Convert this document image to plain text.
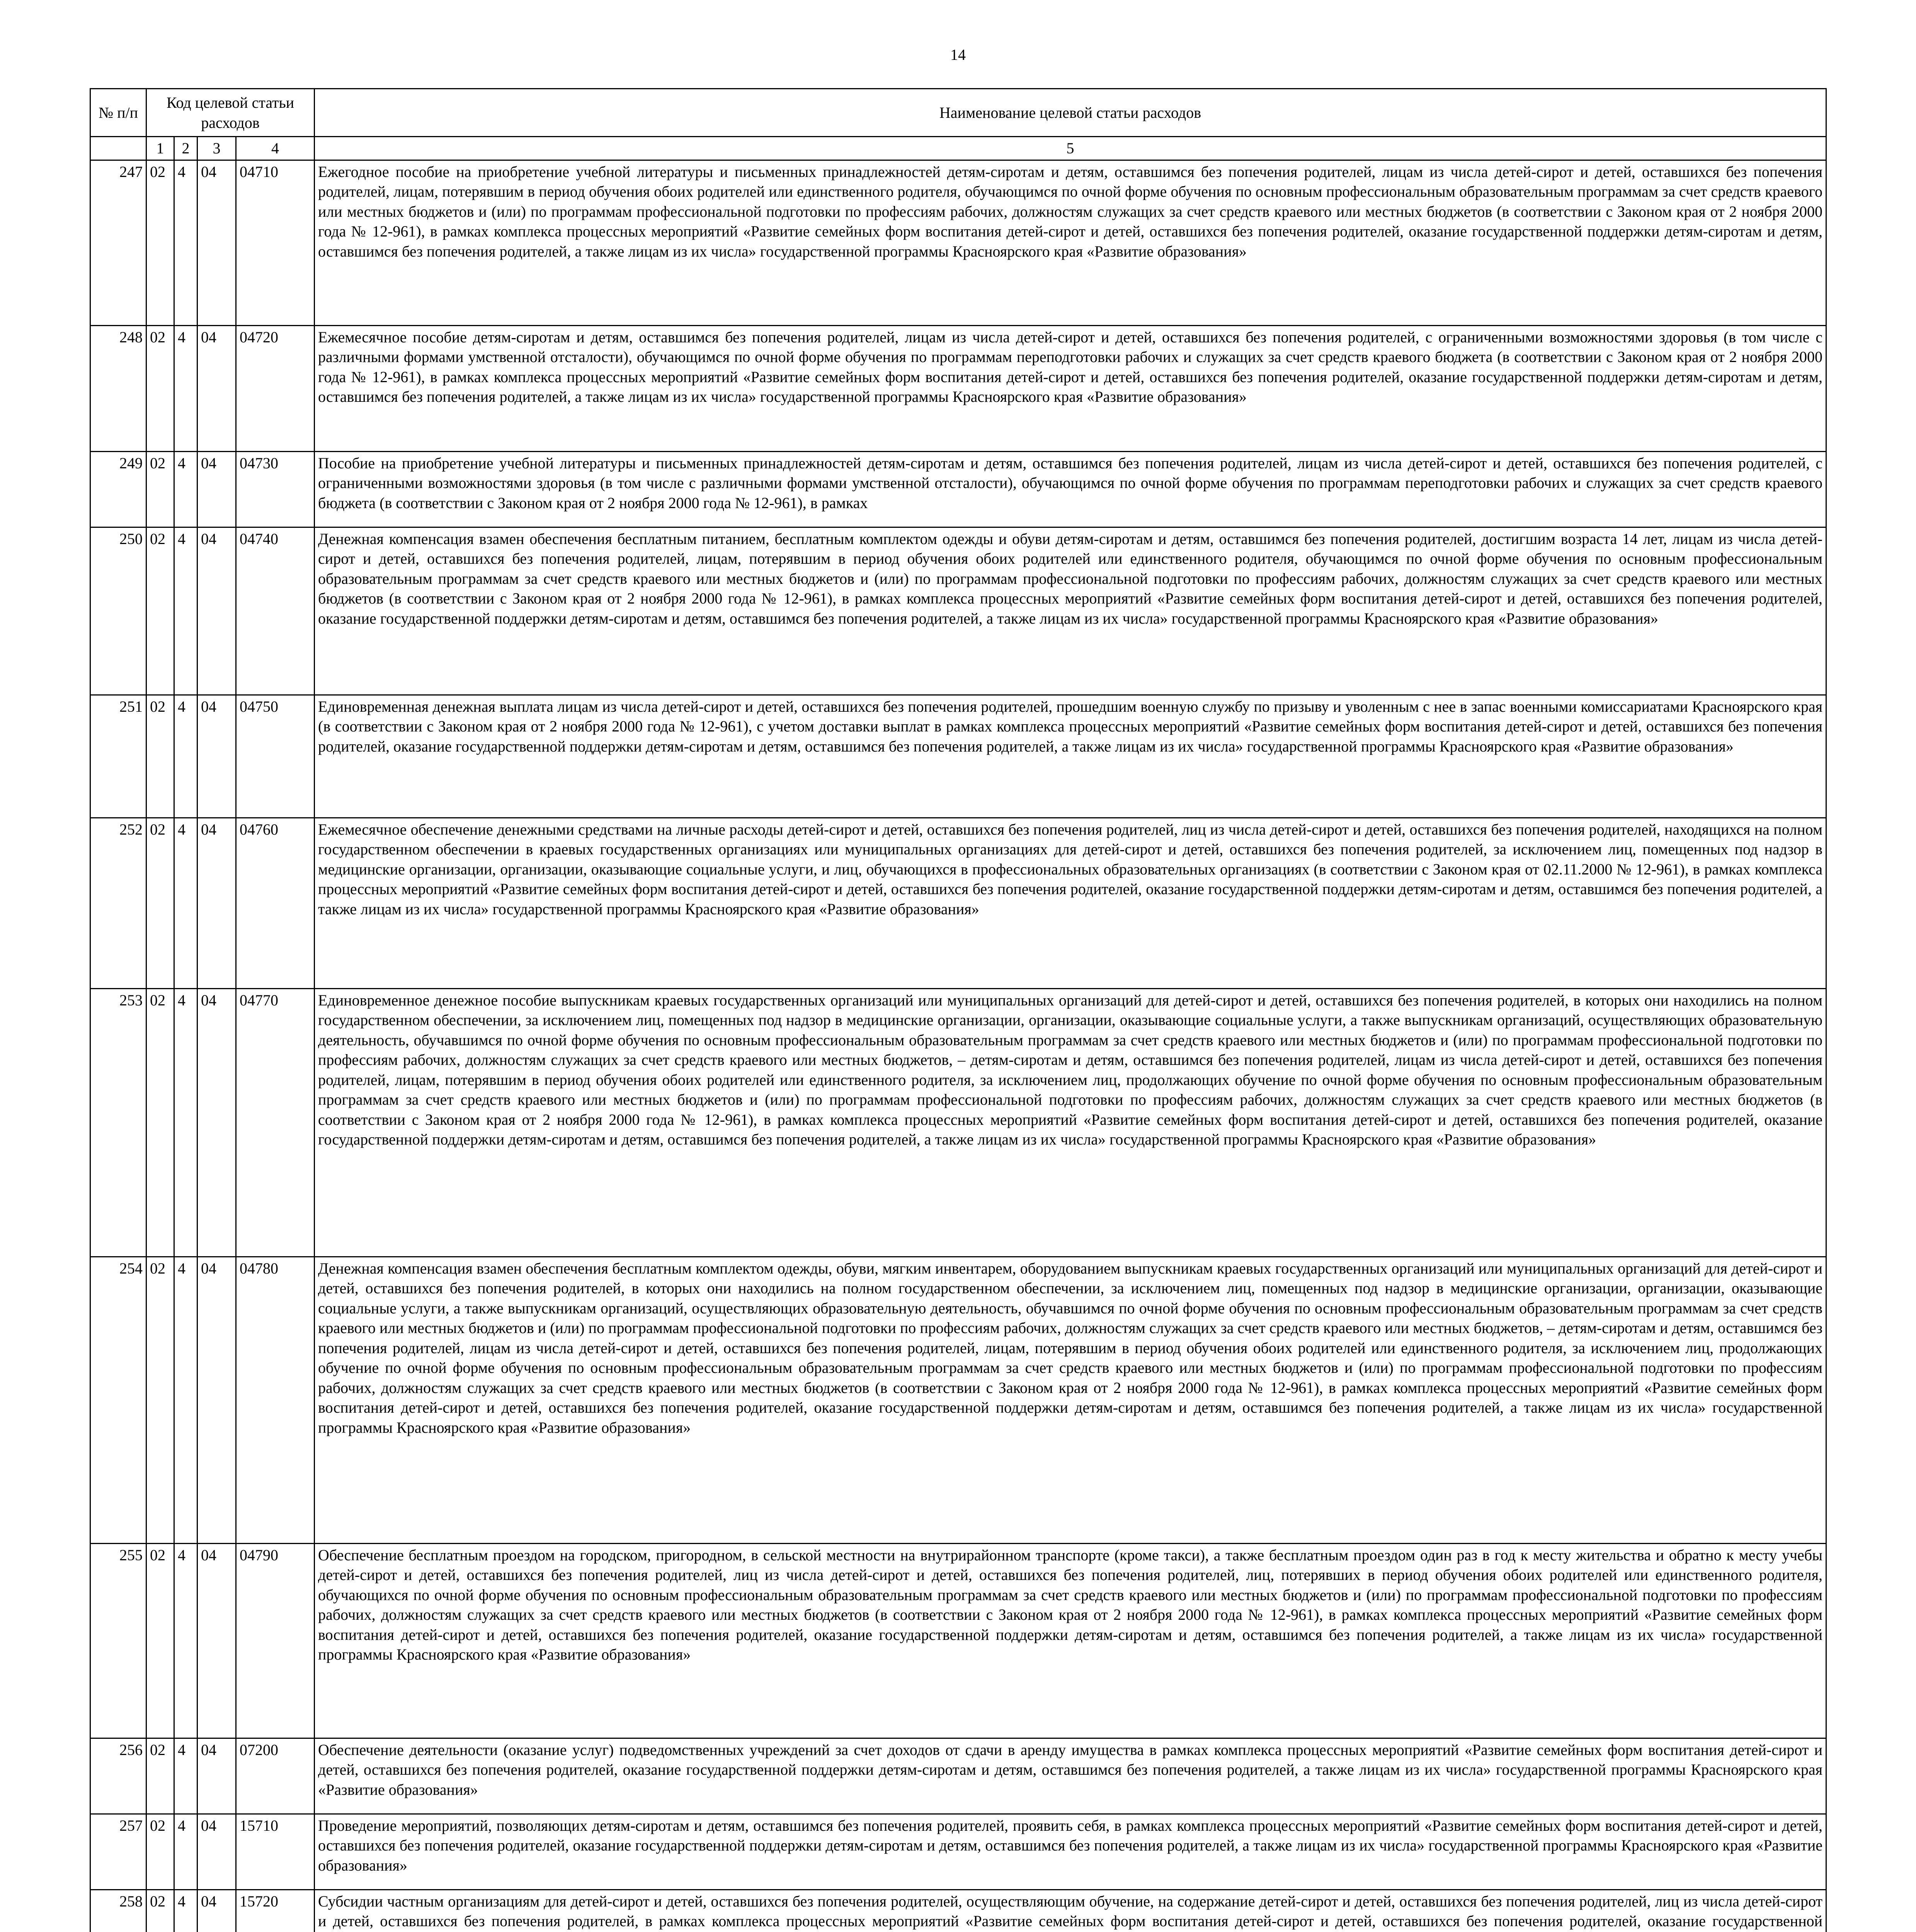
14
№ п/п	Код целевой статьи расходов				Наименование целевой статьи расходов

	1	2	3	4	5
247	02	4	04	04710	Ежегодное пособие на приобретение учебной литературы и письменных принадлежностей детям-сиротам и детям, оставшимся без попечения родителей, лицам из числа детей-сирот и детей, оставшихся без попечения родителей, лицам, потерявшим в период обучения обоих родителей или единственного родителя, обучающимся по очной форме обучения по основным профессиональным образовательным программам за счет средств краевого или местных бюджетов и (или) по программам профессиональной подготовки по профессиям рабочих, должностям служащих за счет средств краевого или местных бюджетов (в соответствии с Законом края от 2 ноября 2000 года № 12-961), в рамках комплекса процессных мероприятий «Развитие семейных форм воспитания детей-сирот и детей, оставшихся без попечения родителей, оказание государственной поддержки детям-сиротам и детям, оставшимся без попечения родителей, а также лицам из их числа» государственной программы Красноярского края «Развитие образования»
248	02	4	04	04720	Ежемесячное пособие детям-сиротам и детям, оставшимся без попечения родителей, лицам из числа детей-сирот и детей, оставшихся без попечения родителей, с ограниченными возможностями здоровья (в том числе с различными формами умственной отсталости), обучающимся по очной форме обучения по программам переподготовки рабочих и служащих за счет средств краевого бюджета (в соответствии с Законом края от 2 ноября 2000 года № 12-961), в рамках комплекса процессных мероприятий «Развитие семейных форм воспитания детей-сирот и детей, оставшихся без попечения родителей, оказание государственной поддержки детям-сиротам и детям, оставшимся без попечения родителей, а также лицам из их числа» государственной программы Красноярского края «Развитие образования»
249	02	4	04	04730	Пособие на приобретение учебной литературы и письменных принадлежностей детям-сиротам и детям, оставшимся без попечения родителей, лицам из числа детей-сирот и детей, оставшихся без попечения родителей, с ограниченными возможностями здоровья (в том числе с различными формами умственной отсталости), обучающимся по очной форме обучения по программам переподготовки рабочих и служащих за счет средств краевого бюджета (в соответствии с Законом края от 2 ноября 2000 года № 12-961), в рамках
250	02	4	04	04740	Денежная компенсация взамен обеспечения бесплатным питанием, бесплатным комплектом одежды и обуви детям-сиротам и детям, оставшимся без попечения родителей, достигшим возраста 14 лет, лицам из числа детей-сирот и детей, оставшихся без попечения родителей, лицам, потерявшим в период обучения обоих родителей или единственного родителя, обучающимся по очной форме обучения по основным профессиональным образовательным программам за счет средств краевого или местных бюджетов и (или) по программам профессиональной подготовки по профессиям рабочих, должностям служащих за счет средств краевого или местных бюджетов (в соответствии с Законом края от 2 ноября 2000 года № 12-961), в рамках комплекса процессных мероприятий «Развитие семейных форм воспитания детей-сирот и детей, оставшихся без попечения родителей, оказание государственной поддержки детям-сиротам и детям, оставшимся без попечения родителей, а также лицам из их числа» государственной программы Красноярского края «Развитие образования»
251	02	4	04	04750	Единовременная денежная выплата лицам из числа детей-сирот и детей, оставшихся без попечения родителей, прошедшим военную службу по призыву и уволенным с нее в запас военными комиссариатами Красноярского края (в соответствии с Законом края от 2 ноября 2000 года № 12-961), с учетом доставки выплат в рамках комплекса процессных мероприятий «Развитие семейных форм воспитания детей-сирот и детей, оставшихся без попечения родителей, оказание государственной поддержки детям-сиротам и детям, оставшимся без попечения родителей, а также лицам из их числа» государственной программы Красноярского края «Развитие образования»
252	02	4	04	04760	Ежемесячное обеспечение денежными средствами на личные расходы детей-сирот и детей, оставшихся без попечения родителей, лиц из числа детей-сирот и детей, оставшихся без попечения родителей, находящихся на полном государственном обеспечении в краевых государственных организациях или муниципальных организациях для детей-сирот и детей, оставшихся без попечения родителей, за исключением лиц, помещенных под надзор в медицинские организации, организации, оказывающие социальные услуги, и лиц, обучающихся в профессиональных образовательных организациях (в соответствии с Законом края от 02.11.2000 № 12-961), в рамках комплекса процессных мероприятий «Развитие семейных форм воспитания детей-сирот и детей, оставшихся без попечения родителей, оказание государственной поддержки детям-сиротам и детям, оставшимся без попечения родителей, а также лицам из их числа» государственной программы Красноярского края «Развитие образования»
253	02	4	04	04770	Единовременное денежное пособие выпускникам краевых государственных организаций или муниципальных организаций для детей-сирот и детей, оставшихся без попечения родителей, в которых они находились на полном государственном обеспечении, за исключением лиц, помещенных под надзор в медицинские организации, организации, оказывающие социальные услуги, а также выпускникам организаций, осуществляющих образовательную деятельность, обучавшимся по очной форме обучения по основным профессиональным образовательным программам за счет средств краевого или местных бюджетов и (или) по программам профессиональной подготовки по профессиям рабочих, должностям служащих за счет средств краевого или местных бюджетов, – детям-сиротам и детям, оставшимся без попечения родителей, лицам из числа детей-сирот и детей, оставшихся без попечения родителей, лицам, потерявшим в период обучения обоих родителей или единственного родителя, за исключением лиц, продолжающих обучение по очной форме обучения по основным профессиональным образовательным программам за счет средств краевого или местных бюджетов и (или) по программам профессиональной подготовки по профессиям рабочих, должностям служащих за счет средств краевого или местных бюджетов (в соответствии с Законом края от 2 ноября 2000 года № 12-961), в рамках комплекса процессных мероприятий «Развитие семейных форм воспитания детей-сирот и детей, оставшихся без попечения родителей, оказание государственной поддержки детям-сиротам и детям, оставшимся без попечения родителей, а также лицам из их числа» государственной программы Красноярского края «Развитие образования»
254	02	4	04	04780	Денежная компенсация взамен обеспечения бесплатным комплектом одежды, обуви, мягким инвентарем, оборудованием выпускникам краевых государственных организаций или муниципальных организаций для детей-сирот и детей, оставшихся без попечения родителей, в которых они находились на полном государственном обеспечении, за исключением лиц, помещенных под надзор в медицинские организации, организации, оказывающие социальные услуги, а также выпускникам организаций, осуществляющих образовательную деятельность, обучавшимся по очной форме обучения по основным профессиональным образовательным программам за счет средств краевого или местных бюджетов и (или) по программам профессиональной подготовки по профессиям рабочих, должностям служащих за счет средств краевого или местных бюджетов, – детям-сиротам и детям, оставшимся без попечения родителей, лицам из числа детей-сирот и детей, оставшихся без попечения родителей, лицам, потерявшим в период обучения обоих родителей или единственного родителя, за исключением лиц, продолжающих обучение по очной форме обучения по основным профессиональным образовательным программам за счет средств краевого или местных бюджетов и (или) по программам профессиональной подготовки по профессиям рабочих, должностям служащих за счет средств краевого или местных бюджетов (в соответствии с Законом края от 2 ноября 2000 года № 12-961), в рамках комплекса процессных мероприятий «Развитие семейных форм воспитания детей-сирот и детей, оставшихся без попечения родителей, оказание государственной поддержки детям-сиротам и детям, оставшимся без попечения родителей, а также лицам из их числа» государственной программы Красноярского края «Развитие образования»
255	02	4	04	04790	Обеспечение бесплатным проездом на городском, пригородном, в сельской местности на внутрирайонном транспорте (кроме такси), а также бесплатным проездом один раз в год к месту жительства и обратно к месту учебы детей-сирот и детей, оставшихся без попечения родителей, лиц из числа детей-сирот и детей, оставшихся без попечения родителей, лиц, потерявших в период обучения обоих родителей или единственного родителя, обучающихся по очной форме обучения по основным профессиональным образовательным программам за счет средств краевого или местных бюджетов и (или) по программам профессиональной подготовки по профессиям рабочих, должностям служащих за счет средств краевого или местных бюджетов (в соответствии с Законом края от 2 ноября 2000 года № 12-961), в рамках комплекса процессных мероприятий «Развитие семейных форм воспитания детей-сирот и детей, оставшихся без попечения родителей, оказание государственной поддержки детям-сиротам и детям, оставшимся без попечения родителей, а также лицам из их числа» государственной программы Красноярского края «Развитие образования»
256	02	4	04	07200	Обеспечение деятельности (оказание услуг) подведомственных учреждений за счет доходов от сдачи в аренду имущества в рамках комплекса процессных мероприятий «Развитие семейных форм воспитания детей-сирот и детей, оставшихся без попечения родителей, оказание государственной поддержки детям-сиротам и детям, оставшимся без попечения родителей, а также лицам из их числа» государственной программы Красноярского края «Развитие образования»
257	02	4	04	15710	Проведение мероприятий, позволяющих детям-сиротам и детям, оставшимся без попечения родителей, проявить себя, в рамках комплекса процессных мероприятий «Развитие семейных форм воспитания детей-сирот и детей, оставшихся без попечения родителей, оказание государственной поддержки детям-сиротам и детям, оставшимся без попечения родителей, а также лицам из их числа» государственной программы Красноярского края «Развитие образования»
258	02	4	04	15720	Субсидии частным организациям для детей-сирот и детей, оставшихся без попечения родителей, осуществляющим обучение, на содержание детей-сирот и детей, оставшихся без попечения родителей, лиц из числа детей-сирот и детей, оставшихся без попечения родителей, в рамках комплекса процессных мероприятий «Развитие семейных форм воспитания детей-сирот и детей, оставшихся без попечения родителей, оказание государственной
